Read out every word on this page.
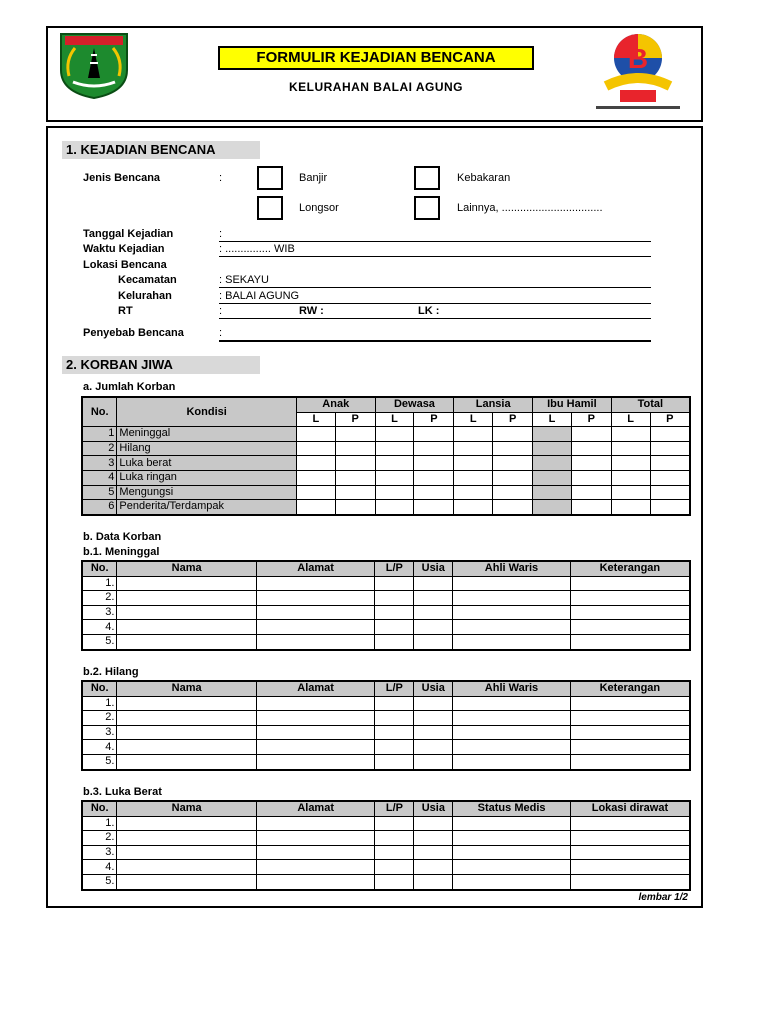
FORMULIR KEJADIAN BENCANA
KELURAHAN BALAI AGUNG
B
1. KEJADIAN BENCANA
Jenis Bencana	:	Banjir	Kebakaran
Longsor	Lainnya, .................................
Tanggal Kejadian	:
Waktu Kejadian	: ............... WIB
Lokasi Bencana
Kecamatan	: SEKAYU
Kelurahan	: BALAI AGUNG
RT	:	RW :	LK :
Penyebab Bencana	:
2. KORBAN JIWA
a. Jumlah Korban
No.	Kondisi	Anak		Dewasa		Lansia		Ibu Hamil		Total	
		L	P	L	P	L	P	L	P	L	P
1	Meninggal										
2	Hilang										
3	Luka berat										
4	Luka ringan										
5	Mengungsi										
6	Penderita/Terdampak										
b. Data Korban
b.1. Meninggal
No.	Nama	Alamat	L/P	Usia	Ahli Waris	Keterangan
1.						
2.						
3.						
4.						
5.						
b.2. Hilang
No.	Nama	Alamat	L/P	Usia	Ahli Waris	Keterangan
1.						
2.						
3.						
4.						
5.						
b.3. Luka Berat
No.	Nama	Alamat	L/P	Usia	Status Medis	Lokasi dirawat
1.						
2.						
3.						
4.						
5.						
lembar 1/2
